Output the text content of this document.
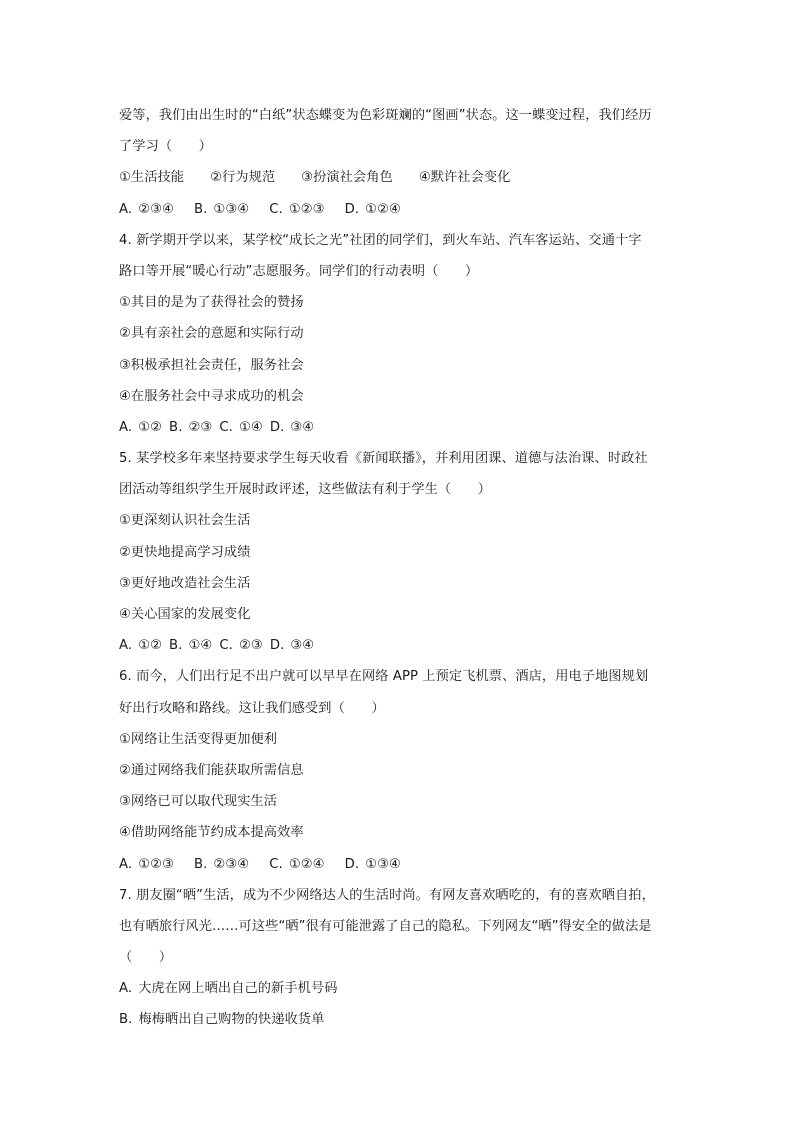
爱等，我们由出生时的“白纸”状态蝶变为色彩斑斓的“图画”状态。这一蝶变过程，我们经历
了学习（　　）
①生活技能 ②行为规范 ③扮演社会角色 ④默许社会变化
A. ②③④ B. ①③④ C. ①②③ D. ①②④
4. 新学期开学以来，某学校“成长之光”社团的同学们，到火车站、汽车客运站、交通十字
路口等开展“暖心行动”志愿服务。同学们的行动表明（　　）
①其目的是为了获得社会的赞扬
②具有亲社会的意愿和实际行动
③积极承担社会责任，服务社会
④在服务社会中寻求成功的机会
A. ①② B. ②③ C. ①④ D. ③④
5. 某学校多年来坚持要求学生每天收看《新闻联播》，并利用团课、道德与法治课、时政社
团活动等组织学生开展时政评述，这些做法有利于学生（　　）
①更深刻认识社会生活
②更快地提高学习成绩
③更好地改造社会生活
④关心国家的发展变化
A. ①② B. ①④ C. ②③ D. ③④
6. 而今，人们出行足不出户就可以早早在网络 APP 上预定飞机票、酒店，用电子地图规划
好出行攻略和路线。这让我们感受到（　　）
①网络让生活变得更加便利
②通过网络我们能获取所需信息
③网络已可以取代现实生活
④借助网络能节约成本提高效率
A. ①②③ B. ②③④ C. ①②④ D. ①③④
7. 朋友圈“晒”生活，成为不少网络达人的生活时尚。有网友喜欢晒吃的，有的喜欢晒自拍，
也有晒旅行风光……可这些“晒”很有可能泄露了自己的隐私。下列网友“晒”得安全的做法是
（　　）
A. 大虎在网上晒出自己的新手机号码
B. 梅梅晒出自己购物的快递收货单
